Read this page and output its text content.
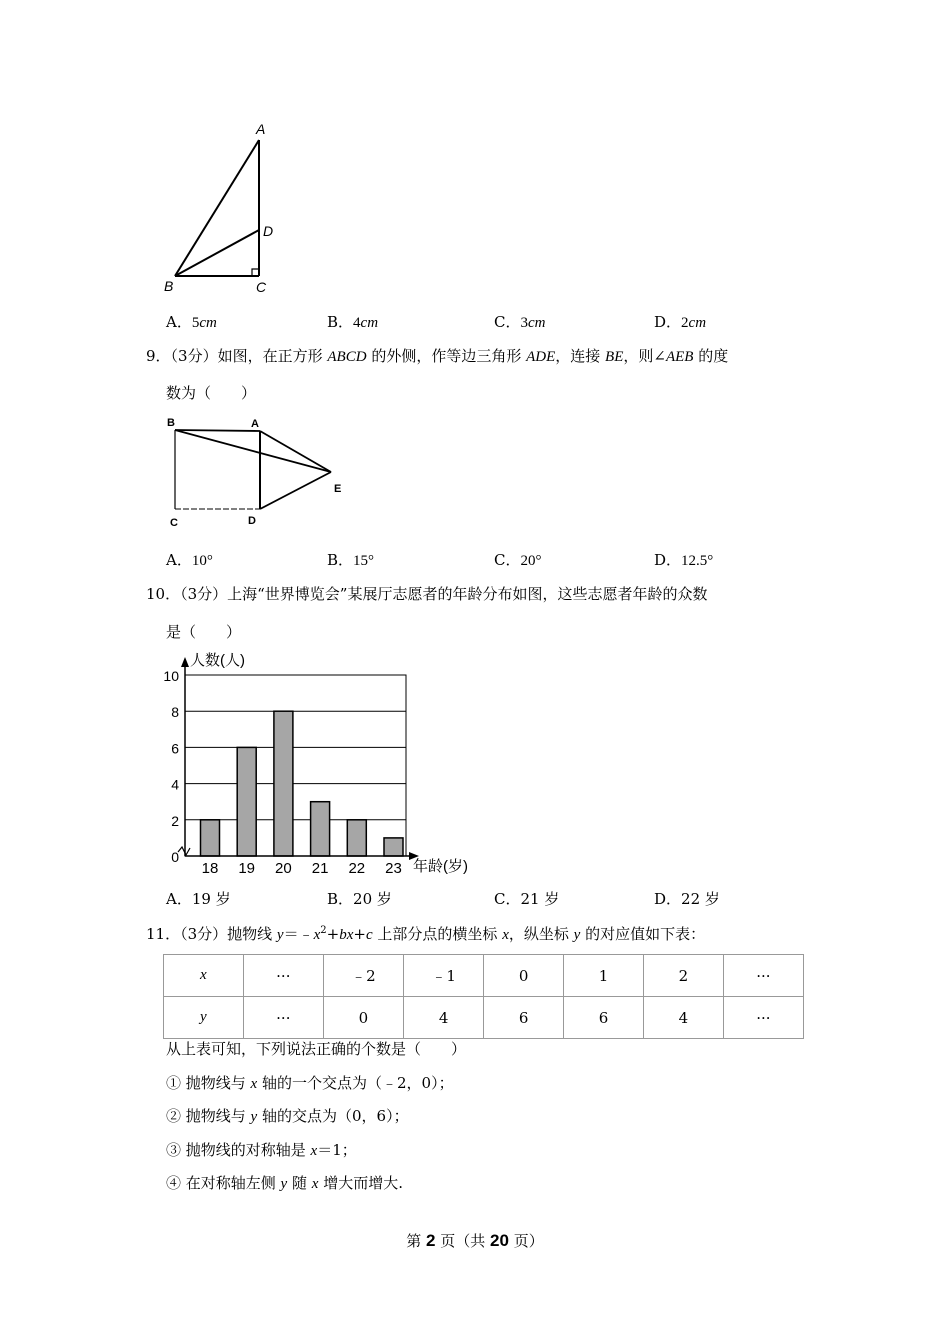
A
D
B	C
A．5cm	B．4cm	C．3cm	D．2cm
9．（3分）如图，在正方形 ABCD 的外侧，作等边三角形 ADE，连接 BE，则∠AEB 的度
数为（　　）
B	A
E
C	D
A．10°	B．15°	C．20°	D．12.5°
10．（3分）上海“世界博览会”某展厅志愿者的年龄分布如图，这些志愿者年龄的众数
是（　　）
0
2
4
6
8
10
18 19 20 21 22 23
人数(人)
年龄(岁)
A．19 岁	B．20 岁	C．21 岁	D．22 岁
11．（3分）抛物线 $y=﹣x^2+bx+c$ 上部分点的横坐标 x，纵坐标 y 的对应值如下表：
x	···	﹣2	﹣1	0	1	2	···
y	···	0	4	6	6	4	···
从上表可知，下列说法正确的个数是（　　）
① 抛物线与 x 轴的一个交点为（﹣2，0）；
② 抛物线与 y 轴的交点为（0，6）；
③ 抛物线的对称轴是 x＝1；
④ 在对称轴左侧 y 随 x 增大而增大.
第 2 页（共 20 页）
